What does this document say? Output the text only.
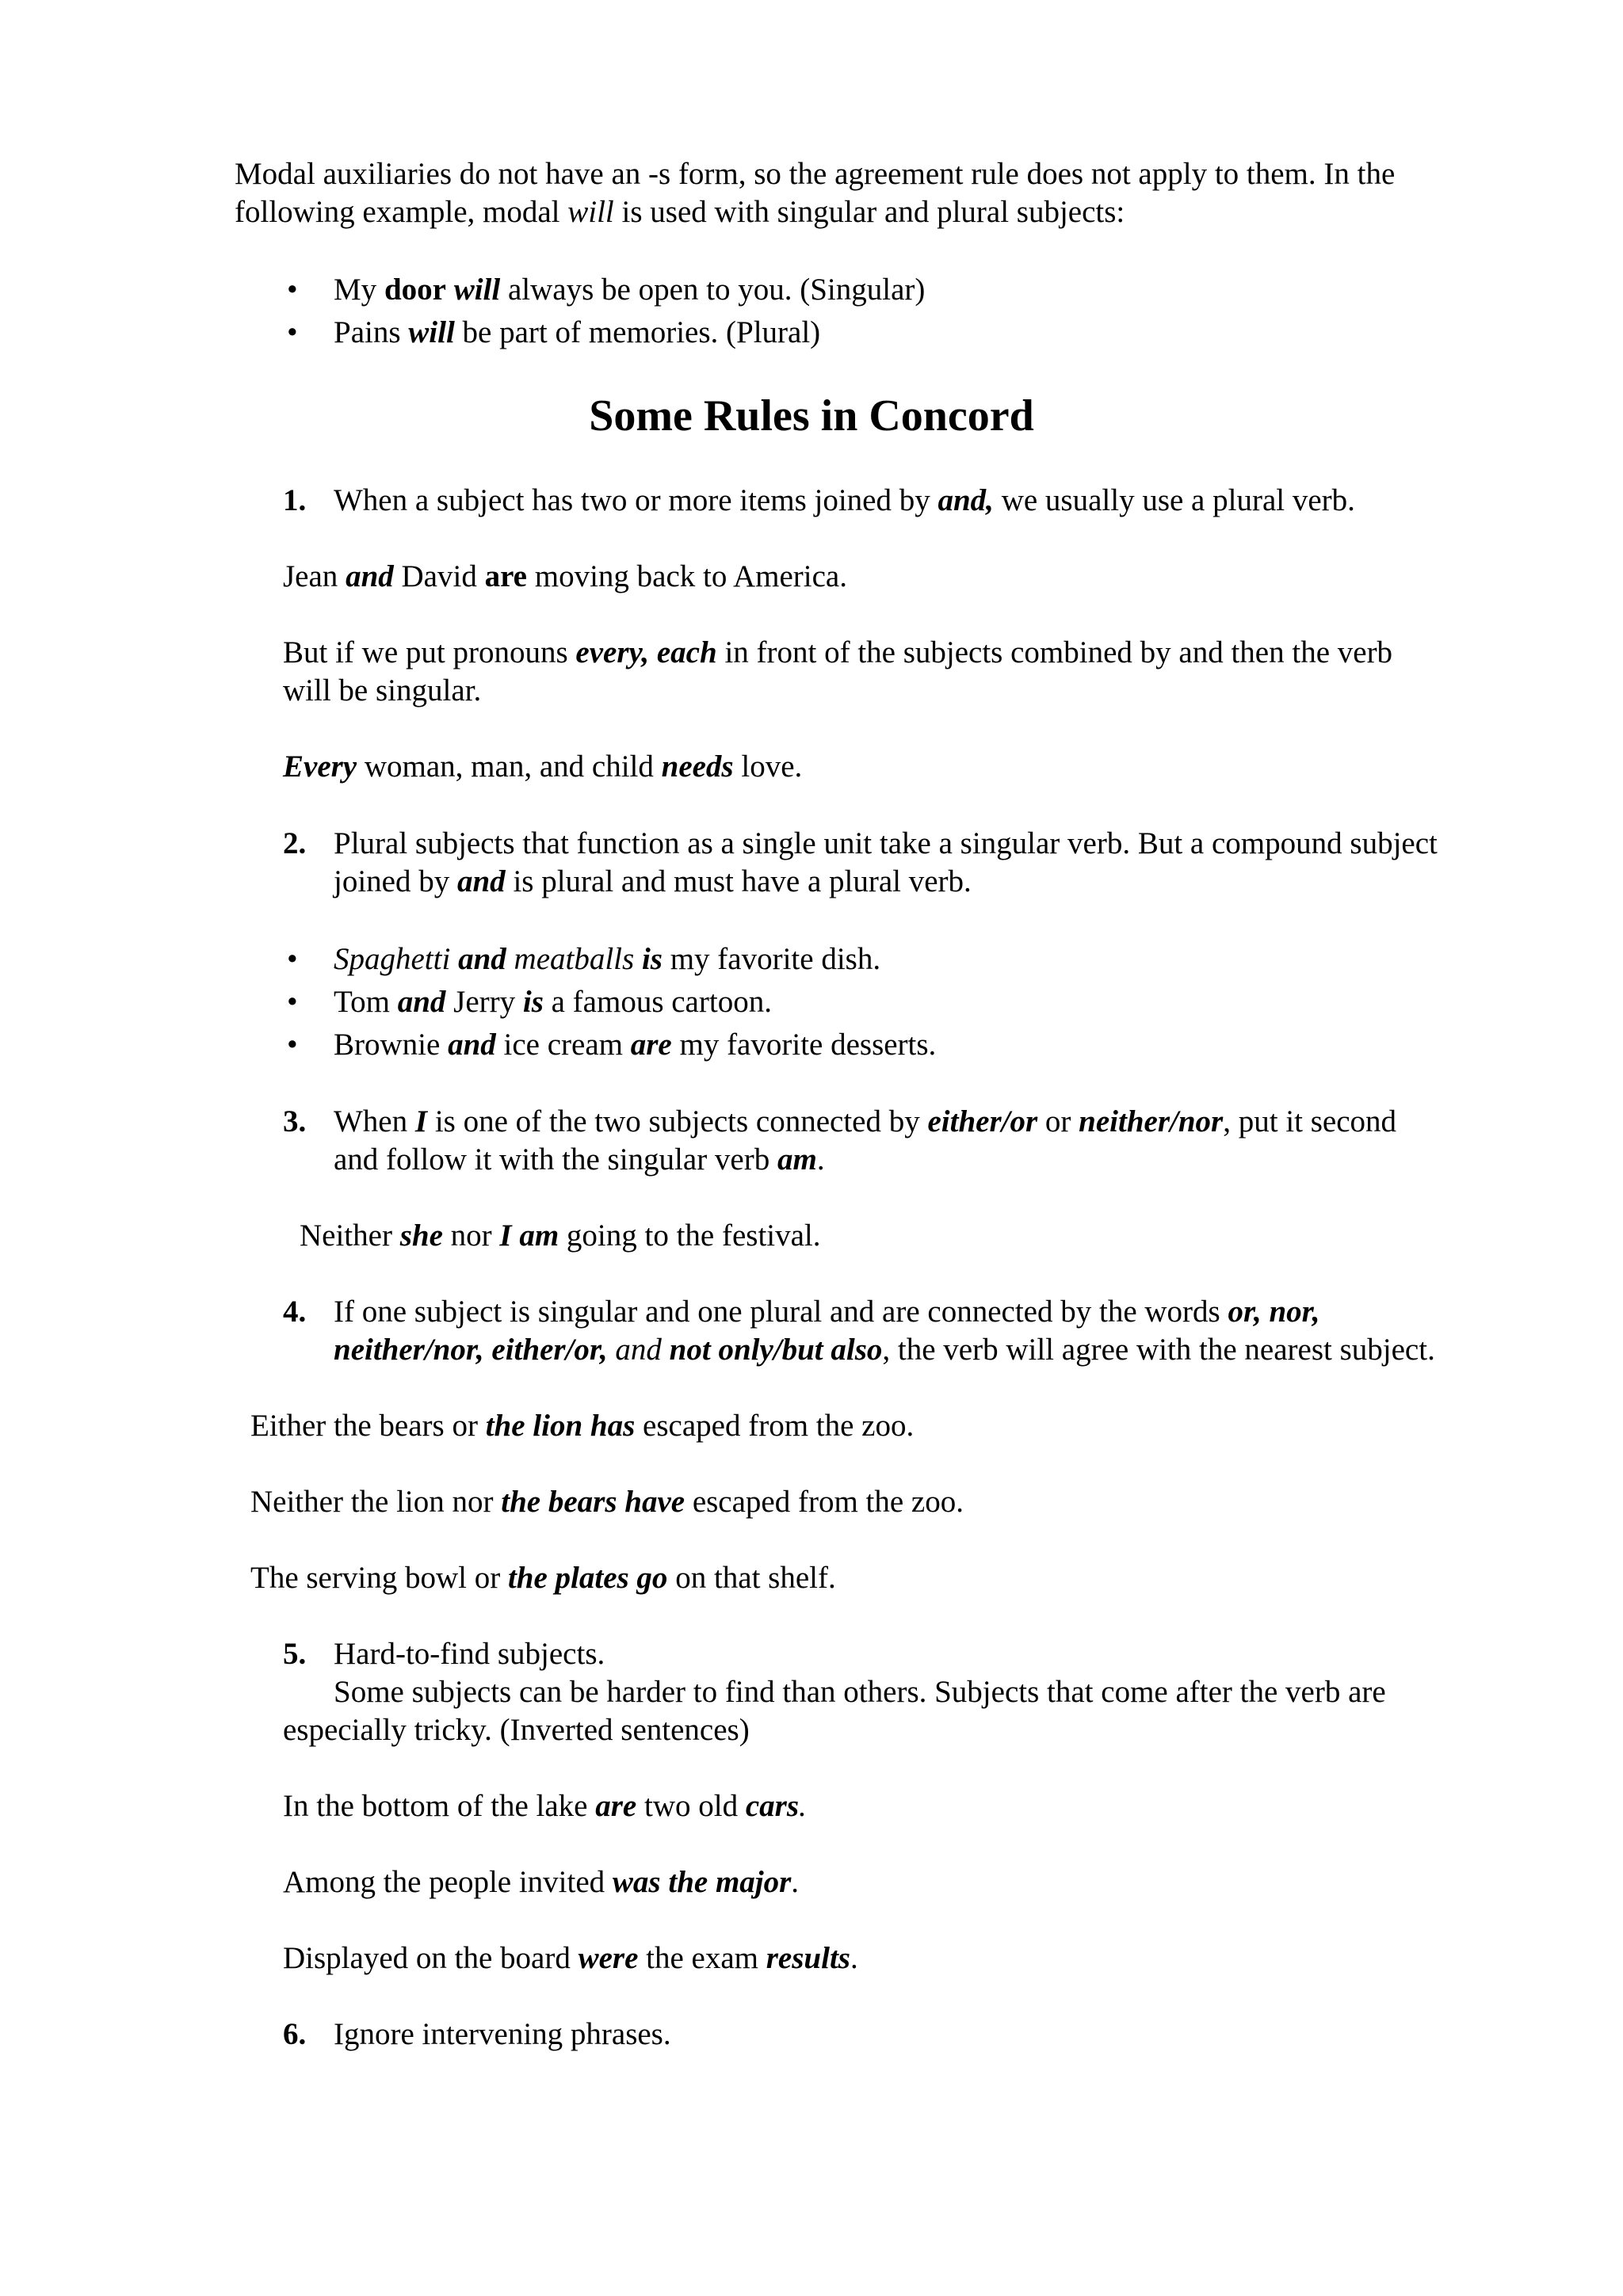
Modal auxiliaries do not have an -s form, so the agreement rule does not apply to them. In the

following example, modal will is used with singular and plural subjects:

• My door will always be open to you. (Singular)

• Pains will be part of memories. (Plural)

Some Rules in Concord
1. When a subject has two or more items joined by and, we usually use a plural verb.

Jean and David are moving back to America.

But if we put pronouns every, each in front of the subjects combined by and then the verb

will be singular.

Every woman, man, and child needs love.

2. Plural subjects that function as a single unit take a singular verb. But a compound subject

joined by and is plural and must have a plural verb.

• Spaghetti and meatballs is my favorite dish.

• Tom and Jerry is a famous cartoon.

• Brownie and ice cream are my favorite desserts.

3. When I is one of the two subjects connected by either/or or neither/nor, put it second

and follow it with the singular verb am.

Neither she nor I am going to the festival.

4. If one subject is singular and one plural and are connected by the words or, nor,

neither/nor, either/or, and not only/but also, the verb will agree with the nearest subject.

Either the bears or the lion has escaped from the zoo.

Neither the lion nor the bears have escaped from the zoo.

The serving bowl or the plates go on that shelf.

5. Hard-to-find subjects.

Some subjects can be harder to find than others. Subjects that come after the verb are

especially tricky. (Inverted sentences)

In the bottom of the lake are two old cars.

Among the people invited was the major.

Displayed on the board were the exam results.

6. Ignore intervening phrases.
